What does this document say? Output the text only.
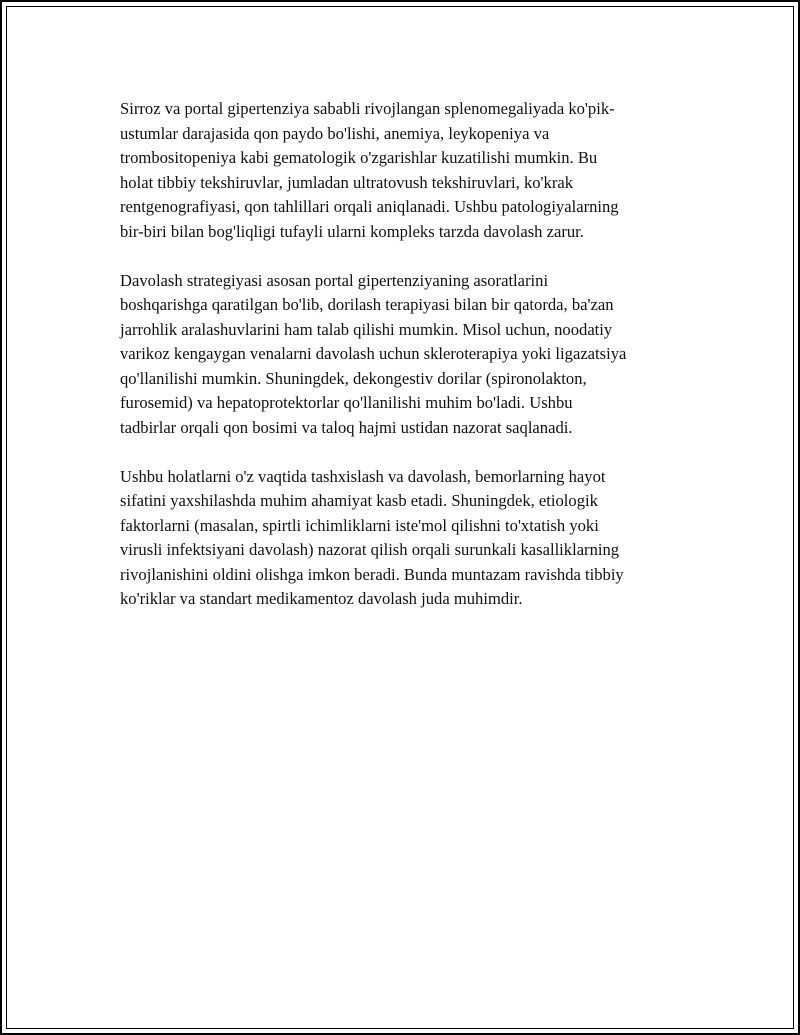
Sirroz va portal gipertenziya sababli rivojlangan splenomegaliyada ko'pik-
ustumlar darajasida qon paydo bo'lishi, anemiya, leykopeniya va
trombositopeniya kabi gematologik o'zgarishlar kuzatilishi mumkin. Bu
holat tibbiy tekshiruvlar, jumladan ultratovush tekshiruvlari, ko'krak
rentgenografiyasi, qon tahlillari orqali aniqlanadi. Ushbu patologiyalarning
bir-biri bilan bog'liqligi tufayli ularni kompleks tarzda davolash zarur.

Davolash strategiyasi asosan portal gipertenziyaning asoratlarini
boshqarishga qaratilgan bo'lib, dorilash terapiyasi bilan bir qatorda, ba'zan
jarrohlik aralashuvlarini ham talab qilishi mumkin. Misol uchun, noodatiy
varikoz kengaygan venalarni davolash uchun skleroterapiya yoki ligazatsiya
qo'llanilishi mumkin. Shuningdek, dekongestiv dorilar (spironolakton,
furosemid) va hepatoprotektorlar qo'llanilishi muhim bo'ladi. Ushbu
tadbirlar orqali qon bosimi va taloq hajmi ustidan nazorat saqlanadi.

Ushbu holatlarni o'z vaqtida tashxislash va davolash, bemorlarning hayot
sifatini yaxshilashda muhim ahamiyat kasb etadi. Shuningdek, etiologik
faktorlarni (masalan, spirtli ichimliklarni iste'mol qilishni to'xtatish yoki
virusli infektsiyani davolash) nazorat qilish orqali surunkali kasalliklarning
rivojlanishini oldini olishga imkon beradi. Bunda muntazam ravishda tibbiy
ko'riklar va standart medikamentoz davolash juda muhimdir.
